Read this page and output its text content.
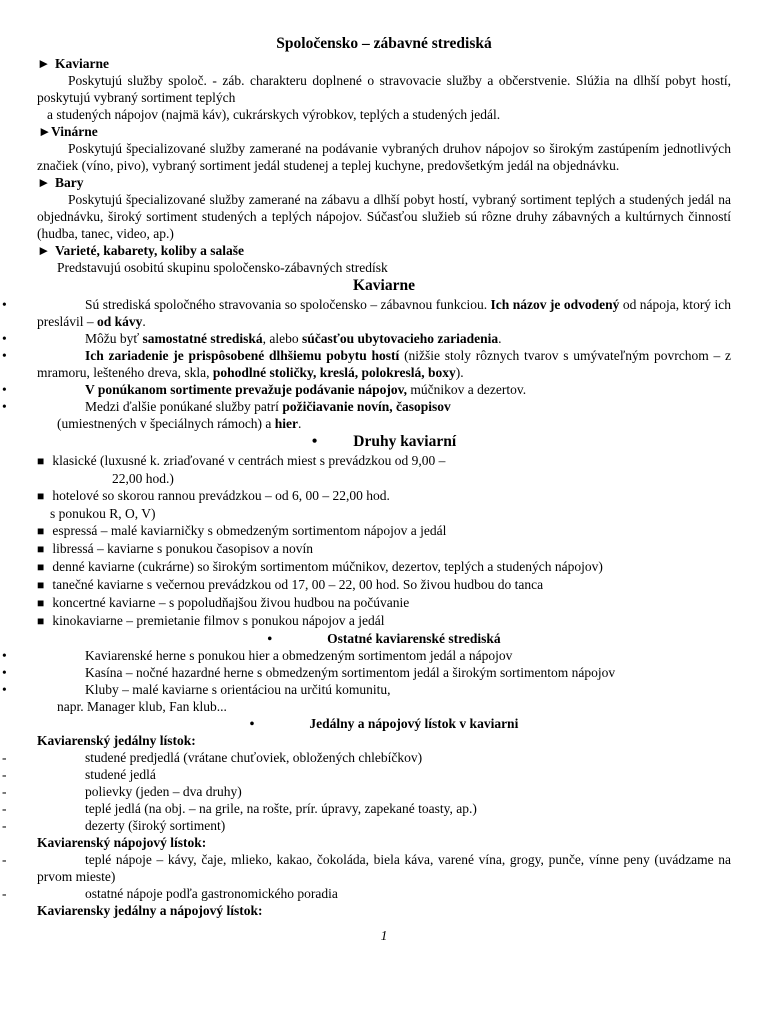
Spoločensko – zábavné strediská
► Kaviarne
Poskytujú služby spoloč. - záb. charakteru doplnené o stravovacie služby a občerstvenie. Slúžia na dlhší pobyt hostí, poskytujú vybraný sortiment teplých
a studených nápojov (najmä káv), cukrárskych výrobkov, teplých a studených jedál.
►Vinárne
Poskytujú špecializované služby zamerané na podávanie vybraných druhov nápojov so širokým zastúpením jednotlivých značiek (víno, pivo), vybraný sortiment jedál studenej a teplej kuchyne, predovšetkým jedál na objednávku.
► Bary
Poskytujú špecializované služby zamerané na zábavu a dlhší pobyt hostí, vybraný sortiment teplých a studených jedál na objednávku, široký sortiment studených a teplých nápojov. Súčasťou služieb sú rôzne druhy zábavných a kultúrnych činností (hudba, tanec, video, ap.)
► Varieté, kabarety, koliby a salaše
Predstavujú osobitú skupinu spoločensko-zábavných stredísk
Kaviarne
•	Sú strediská spoločného stravovania so spoločensko – zábavnou funkciou. Ich názov je odvodený od nápoja, ktorý ich preslávil – od kávy.
•	Môžu byť samostatné strediská, alebo súčasťou ubytovacieho zariadenia.
•	Ich zariadenie je prispôsobené dlhšiemu pobytu hostí (nižšie stoly rôznych tvarov s umývateľným povrchom – z mramoru, lešteného dreva, skla, pohodlné stoličky, kreslá, polokreslá, boxy).
•	V ponúkanom sortimente prevažuje podávanie nápojov, múčnikov a dezertov.
•	Medzi ďalšie ponúkané služby patrí požičiavanie novín, časopisov
(umiestnených v špeciálnych rámoch) a hier.
• Druhy kaviarní
■ klasické (luxusné k. zriaďované v centrách miest s prevádzkou od 9,00 –
22,00 hod.)
■ hotelové so skorou rannou prevádzkou – od 6, 00 – 22,00 hod.
s ponukou R, O, V)
■ espressá – malé kaviarničky s obmedzeným sortimentom nápojov a jedál
■ libressá – kaviarne s ponukou časopisov a novín
■ denné kaviarne (cukrárne) so širokým sortimentom múčnikov, dezertov, teplých a studených nápojov)
■ tanečné kaviarne s večernou prevádzkou od 17, 00 – 22, 00 hod. So živou hudbou do tanca
■ koncertné kaviarne – s popoludňajšou živou hudbou na počúvanie
■ kinokaviarne – premietanie filmov s ponukou nápojov a jedál
•	Ostatné kaviarenské strediská
•	Kaviarenské herne s ponukou hier a obmedzeným sortimentom jedál a nápojov
•	Kasína – nočné hazardné herne s obmedzeným sortimentom jedál a širokým sortimentom nápojov
•	Kluby – malé kaviarne s orientáciou na určitú komunitu,
napr. Manager klub, Fan klub...
•	Jedálny a nápojový lístok v kaviarni
Kaviarenský jedálny lístok:
-	studené predjedlá (vrátane chuťoviek, obložených chlebíčkov)
-	studené jedlá
-	polievky (jeden – dva druhy)
-	teplé jedlá (na obj. – na grile, na rošte, prír. úpravy, zapekané toasty, ap.)
-	dezerty (široký sortiment)
Kaviarenský nápojový lístok:
-	teplé nápoje – kávy, čaje, mlieko, kakao, čokoláda, biela káva, varené vína, grogy, punče, vínne peny (uvádzame na prvom mieste)
-	ostatné nápoje podľa gastronomického poradia
Kaviarensky jedálny a nápojový lístok:
1
